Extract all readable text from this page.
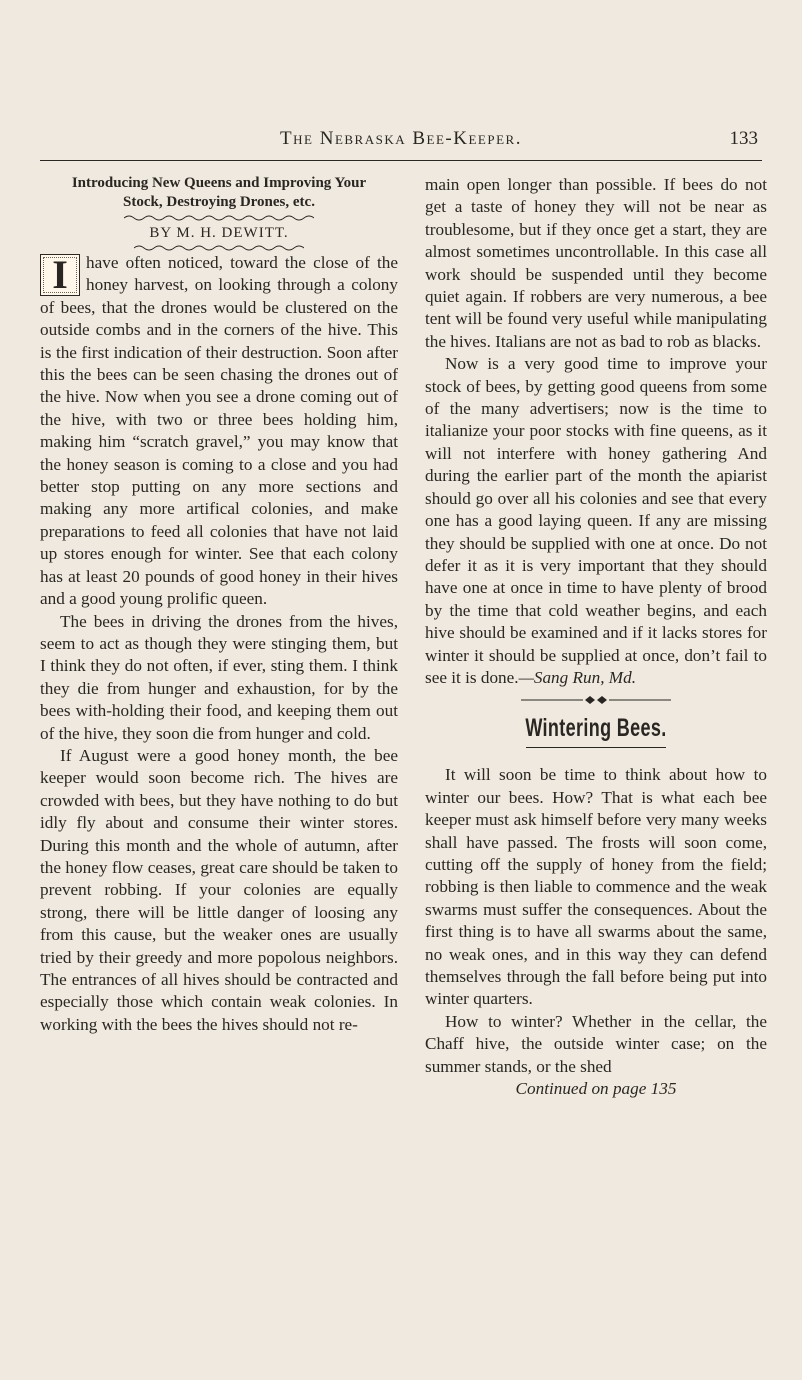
The Nebraska Bee-Keeper.	133
Introducing New Queens and Improving Your
Stock, Destroying Drones, etc.
BY M. H. DEWITT.

I	have often noticed, toward the close of the honey harvest, on looking through a colony of bees, that the drones would be clustered on the outside combs and in the corners of the hive. This is the first indication of their destruction. Soon after this the bees can be seen chasing the drones out of the hive. Now when you see a drone coming out of the hive, with two or three bees holding him, making him “scratch gravel,” you may know that the honey season is coming to a close and you had better stop putting on any more sections and making any more artifical colonies, and make preparations to feed all colonies that have not laid up stores enough for winter. See that each colony has at least 20 pounds of good honey in their hives and a good young prolific queen.

The bees in driving the drones from the hives, seem to act as though they were stinging them, but I think they do not often, if ever, sting them. I think they die from hunger and exhaustion, for by the bees with-holding their food, and keeping them out of the hive, they soon die from hunger and cold.

If August were a good honey month, the bee keeper would soon become rich. The hives are crowded with bees, but they have nothing to do but idly fly about and consume their winter stores. During this month and the whole of autumn, after the honey flow ceases, great care should be taken to prevent robbing. If your colonies are equally strong, there will be little danger of loosing any from this cause, but the weaker ones are usually tried by their greedy and more popolous neighbors. The entrances of all hives should be contracted and especially those which contain weak colonies. In working with the bees the hives should not re-

main open longer than possible. If bees do not get a taste of honey they will not be near as troublesome, but if they once get a start, they are almost sometimes uncontrollable. In this case all work should be suspended until they become quiet again. If robbers are very numerous, a bee tent will be found very useful while manipulating the hives. Italians are not as bad to rob as blacks.

Now is a very good time to improve your stock of bees, by getting good queens from some of the many advertisers; now is the time to italianize your poor stocks with fine queens, as it will not interfere with honey gathering And during the earlier part of the month the apiarist should go over all his colonies and see that every one has a good laying queen. If any are missing they should be supplied with one at once. Do not defer it as it is very important that they should have one at once in time to have plenty of brood by the time that cold weather begins, and each hive should be examined and if it lacks stores for winter it should be supplied at once, don’t fail to see it is done.—Sang Run, Md.

Wintering Bees.

It will soon be time to think about how to winter our bees. How? That is what each bee keeper must ask himself before very many weeks shall have passed. The frosts will soon come, cutting off the supply of honey from the field; robbing is then liable to commence and the weak swarms must suffer the consequences. About the first thing is to have all swarms about the same, no weak ones, and in this way they can defend themselves through the fall before being put into winter quarters.

How to winter? Whether in the cellar, the Chaff hive, the outside winter case; on the summer stands, or the shed

Continued on page 135
